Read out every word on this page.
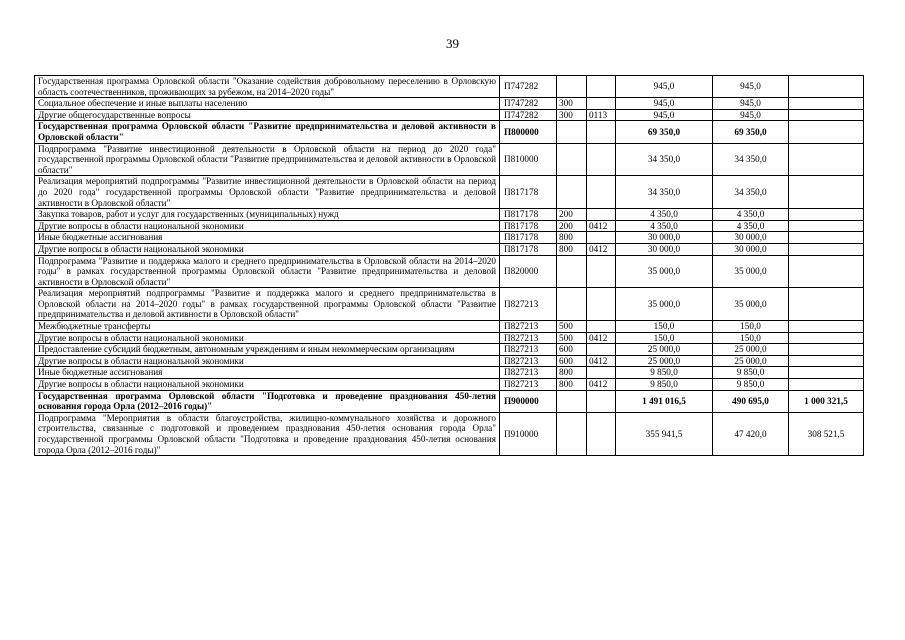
39
Государственная программа Орловской области "Оказание содействия добровольному переселению в Орловскую область соотечественников, проживающих за рубежом, на 2014–2020 годы"	П747282			945,0	945,0	
Социальное обеспечение и иные выплаты населению	П747282	300		945,0	945,0	
Другие общегосударственные вопросы	П747282	300	0113	945,0	945,0	
Государственная программа Орловской области "Развитие предпринимательства и деловой активности в Орловской области"	П800000			69 350,0	69 350,0	
Подпрограмма "Развитие инвестиционной деятельности в Орловской области на период до 2020 года" государственной программы Орловской области "Развитие предпринимательства и деловой активности в Орловской области"	П810000			34 350,0	34 350,0	
Реализация мероприятий подпрограммы "Развитие инвестиционной деятельности в Орловской области на период до 2020 года" государственной программы Орловской области "Развитие предпринимательства и деловой активности в Орловской области"	П817178			34 350,0	34 350,0	
Закупка товаров, работ и услуг для государственных (муниципальных) нужд	П817178	200		4 350,0	4 350,0	
Другие вопросы в области национальной экономики	П817178	200	0412	4 350,0	4 350,0	
Иные бюджетные ассигнования	П817178	800		30 000,0	30 000,0	
Другие вопросы в области национальной экономики	П817178	800	0412	30 000,0	30 000,0	
Подпрограмма "Развитие и поддержка малого и среднего предпринимательства в Орловской области на 2014–2020 годы" в рамках государственной программы Орловской области "Развитие предпринимательства и деловой активности в Орловской области"	П820000			35 000,0	35 000,0	
Реализация мероприятий подпрограммы "Развитие и поддержка малого и среднего предпринимательства в Орловской области на 2014–2020 годы" в рамках государственной программы Орловской области "Развитие предпринимательства и деловой активности в Орловской области"	П827213			35 000,0	35 000,0	
Межбюджетные трансферты	П827213	500		150,0	150,0	
Другие вопросы в области национальной экономики	П827213	500	0412	150,0	150,0	
Предоставление субсидий бюджетным, автономным учреждениям и иным некоммерческим организациям	П827213	600		25 000,0	25 000,0	
Другие вопросы в области национальной экономики	П827213	600	0412	25 000,0	25 000,0	
Иные бюджетные ассигнования	П827213	800		9 850,0	9 850,0	
Другие вопросы в области национальной экономики	П827213	800	0412	9 850,0	9 850,0	
Государственная программа Орловской области "Подготовка и проведение празднования 450-летия основания города Орла (2012–2016 годы)"	П900000			1 491 016,5	490 695,0	1 000 321,5
Подпрограмма "Мероприятия в области благоустройства, жилищно-коммунального хозяйства и дорожного строительства, связанные с подготовкой и проведением празднования 450-летия основания города Орла" государственной программы Орловской области "Подготовка и проведение празднования 450-летия основания города Орла (2012–2016 годы)"	П910000			355 941,5	47 420,0	308 521,5
